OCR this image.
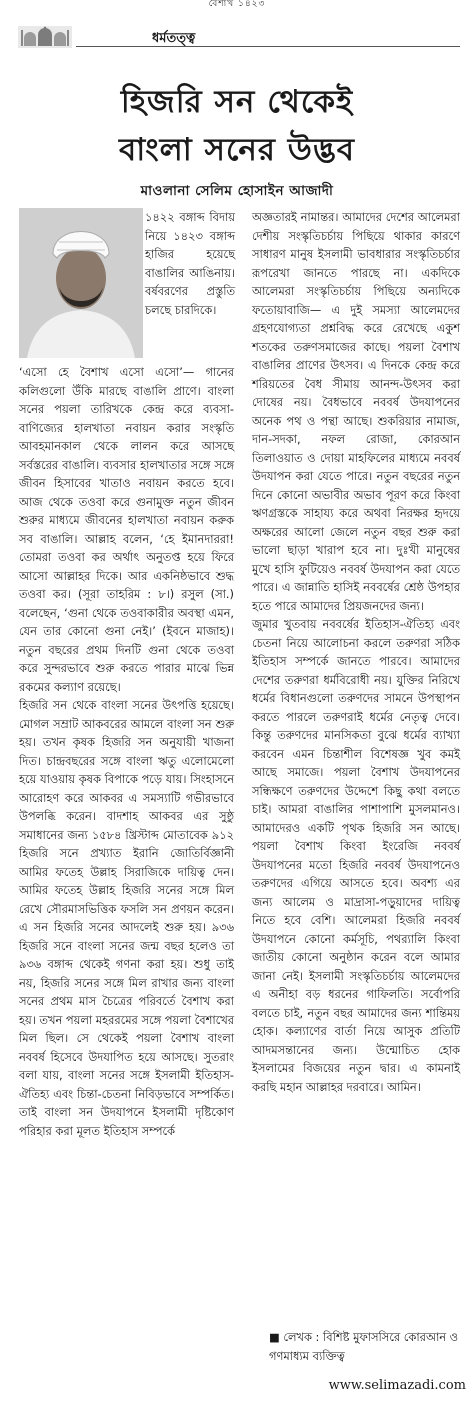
বৈশাখ ১৪২৩
ধর্মতত্ত্ব
হিজরি সন থেকেই
বাংলা সনের উদ্ভব
মাওলানা সেলিম হোসাইন আজাদী
১৪২২ বঙ্গাব্দ বিদায় নিয়ে ১৪২৩ বঙ্গাব্দ হাজির হয়েছে বাঙালির আঙিনায়। বর্ষবরণের প্রস্তুতি চলছে চারদিকে।

‘এসো হে বৈশাখ এসো এসো’— গানের কলিগুলো উঁকি মারছে বাঙালি প্রাণে। বাংলা সনের পয়লা তারিখকে কেন্দ্র করে ব্যবসা-বাণিজ্যের হালখাতা নবায়ন করার সংস্কৃতি আবহমানকাল থেকে লালন করে আসছে সর্বস্তরের বাঙালি। ব্যবসার হালখাতার সঙ্গে সঙ্গে জীবন হিসাবের খাতাও নবায়ন করতে হবে। আজ থেকে তওবা করে গুনামুক্ত নতুন জীবন শুরুর মাধ্যমে জীবনের হালখাতা নবায়ন করুক সব বাঙালি। আল্লাহ বলেন, ‘হে ইমানদাররা! তোমরা তওবা কর অর্থাৎ অনুতপ্ত হয়ে ফিরে আসো আল্লাহর দিকে। আর একনিষ্ঠভাবে শুদ্ধ তওবা কর। (সূরা তাহরিম : ৮।) রসুল (সা.) বলেছেন, ‘গুনা থেকে তওবাকারীর অবস্থা এমন, যেন তার কোনো গুনা নেই।’ (ইবনে মাজাহ)। নতুন বছরের প্রথম দিনটি গুনা থেকে তওবা করে সুন্দরভাবে শুরু করতে পারার মাঝে ভিন্ন রকমের কল্যাণ রয়েছে।

হিজরি সন থেকে বাংলা সনের উৎপত্তি হয়েছে। মোগল সম্রাট আকবরের আমলে বাংলা সন শুরু হয়। তখন কৃষক হিজরি সন অনুযায়ী খাজনা দিত। চান্দ্রবছরের সঙ্গে বাংলা ঋতু এলোমেলো হয়ে যাওয়ায় কৃষক বিপাকে পড়ে যায়। সিংহাসনে আরোহণ করে আকবর এ সমস্যাটি গভীরভাবে উপলব্ধি করেন। বাদশাহ আকবর এর সুষ্ঠু সমাধানের জন্য ১৫৮৪ খ্রিস্টাব্দ মোতাবেক ৯১২ হিজরি সনে প্রখ্যাত ইরানি জোতির্বিজ্ঞানী আমির ফতেহ উল্লাহ সিরাজিকে দায়িত্ব দেন। আমির ফতেহ উল্লাহ হিজরি সনের সঙ্গে মিল রেখে সৌরমাসভিত্তিক ফসলি সন প্রণয়ন করেন। এ সন হিজরি সনের আদলেই শুরু হয়। ৯৩৬ হিজরি সনে বাংলা সনের জন্ম বছর হলেও তা ৯৩৬ বঙ্গাব্দ থেকেই গণনা করা হয়। শুধু তাই নয়, হিজরি সনের সঙ্গে মিল রাখার জন্য বাংলা সনের প্রথম মাস চৈত্রের পরিবর্তে বৈশাখ করা হয়। তখন পয়লা মহররমের সঙ্গে পয়লা বৈশাখের মিল ছিল। সে থেকেই পয়লা বৈশাখ বাংলা নববর্ষ হিসেবে উদযাপিত হয়ে আসছে। সুতরাং বলা যায়, বাংলা সনের সঙ্গে ইসলামী ইতিহাস-ঐতিহ্য এবং চিন্তা-চেতনা নিবিড়ভাবে সম্পর্কিত। তাই বাংলা সন উদযাপনে ইসলামী দৃষ্টিকোণ পরিহার করা মূলত ইতিহাস সম্পর্কে

অজ্ঞতারই নামান্তর। আমাদের দেশের আলেমরা দেশীয় সংস্কৃতিচর্চায় পিছিয়ে থাকার কারণে সাধারণ মানুষ ইসলামী ভাবধারার সংস্কৃতিচর্চার রূপরেখা জানতে পারছে না। একদিকে আলেমরা সংস্কৃতিচর্চায় পিছিয়ে অন্যদিকে ফতোয়াবাজি— এ দুই সমস্যা আলেমদের গ্রহণযোগ্যতা প্রশ্নবিদ্ধ করে রেখেছে একুশ শতকের তরুণসমাজের কাছে। পয়লা বৈশাখ বাঙালির প্রাণের উৎসব। এ দিনকে কেন্দ্র করে শরিয়তের বৈধ সীমায় আনন্দ-উৎসব করা দোষের নয়। বৈধভাবে নববর্ষ উদযাপনের অনেক পথ ও পন্থা আছে। শুকরিয়ার নামাজ, দান-সদকা, নফল রোজা, কোরআন তিলাওয়াত ও দোয়া মাহফিলের মাধ্যমে নববর্ষ উদযাপন করা যেতে পারে। নতুন বছরের নতুন দিনে কোনো অভাবীর অভাব পূরণ করে কিংবা ঋণগ্রস্তকে সাহায্য করে অথবা নিরক্ষর হৃদয়ে অক্ষরের আলো জেলে নতুন বছর শুরু করা ভালো ছাড়া খারাপ হবে না। দুঃখী মানুষের মুখে হাসি ফুটিয়েও নববর্ষ উদযাপন করা যেতে পারে। এ জান্নাতি হাসিই নববর্ষের শ্রেষ্ঠ উপহার হতে পারে আমাদের প্রিয়জনদের জন্য।

জুমার খুতবায় নববর্ষের ইতিহাস-ঐতিহ্য এবং চেতনা নিয়ে আলোচনা করলে তরুণরা সঠিক ইতিহাস সম্পর্কে জানতে পারবে। আমাদের দেশের তরুণরা ধর্মবিরোধী নয়। যুক্তির নিরিখে ধর্মের বিধানগুলো তরুণদের সামনে উপস্থাপন করতে পারলে তরুণরাই ধর্মের নেতৃত্ব দেবে। কিন্তু তরুণদের মানসিকতা বুঝে ধর্মের ব্যাখ্যা করবেন এমন চিন্তাশীল বিশেষজ্ঞ খুব কমই আছে সমাজে। পয়লা বৈশাখ উদযাপনের সন্ধিক্ষণে তরুণদের উদ্দেশে কিছু কথা বলতে চাই। আমরা বাঙালির পাশাপাশি মুসলমানও। আমাদেরও একটি পৃথক হিজরি সন আছে। পয়লা বৈশাখ কিংবা ইংরেজি নববর্ষ উদযাপনের মতো হিজরি নববর্ষ উদযাপনেও তরুণদের এগিয়ে আসতে হবে। অবশ্য এর জন্য আলেম ও মাদ্রাসা-পড়ুয়াদের দায়িত্ব নিতে হবে বেশি। আলেমরা হিজরি নববর্ষ উদযাপনে কোনো কর্মসূচি, পথর‌্যালি কিংবা জাতীয় কোনো অনুষ্ঠান করেন বলে আমার জানা নেই। ইসলামী সংস্কৃতিচর্চায় আলেমদের এ অনীহা বড় ধরনের গাফিলতি। সর্বোপরি বলতে চাই, নতুন বছর আমাদের জন্য শান্তিময় হোক। কল্যাণের বার্তা নিয়ে আসুক প্রতিটি আদমসন্তানের জন্য। উন্মোচিত হোক ইসলামের বিজয়ের নতুন দ্বার। এ কামনাই করছি মহান আল্লাহর দরবারে। আমিন।

■ লেখক : বিশিষ্ট মুফাসসিরে কোরআন ও গণমাধ্যম ব্যক্তিত্ব
www.selimazadi.com
